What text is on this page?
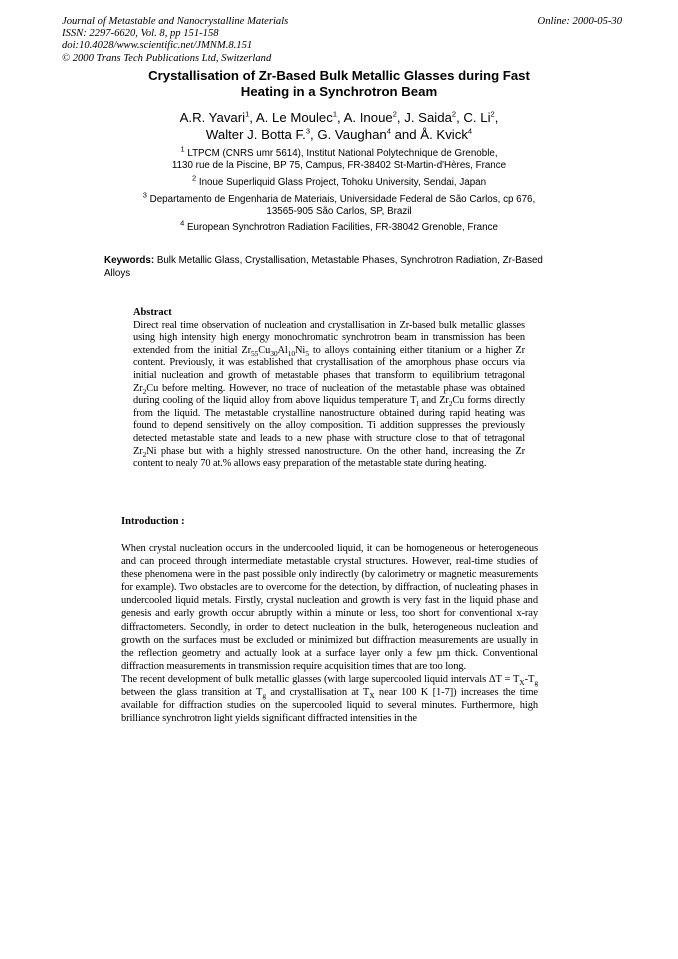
Journal of Metastable and Nanocrystalline Materials
ISSN: 2297-6620, Vol. 8, pp 151-158
doi:10.4028/www.scientific.net/JMNM.8.151
© 2000 Trans Tech Publications Ltd, Switzerland
Online: 2000-05-30
Crystallisation of Zr-Based Bulk Metallic Glasses during Fast
Heating in a Synchrotron Beam
A.R. Yavari$^1$, A. Le Moulec$^1$, A. Inoue$^2$, J. Saida$^2$, C. Li$^2$,
Walter J. Botta F.$^3$, G. Vaughan$^4$ and Å. Kvick$^4$
$^1$ LTPCM (CNRS umr 5614), Institut National Polytechnique de Grenoble,
1130 rue de la Piscine, BP 75, Campus, FR-38402 St-Martin-d'Hères, France
$^2$ Inoue Superliquid Glass Project, Tohoku University, Sendai, Japan
$^3$ Departamento de Engenharia de Materiais, Universidade Federal de São Carlos, cp 676,
13565-905 São Carlos, SP, Brazil
$^4$ European Synchrotron Radiation Facilities, FR-38042 Grenoble, France
Keywords: Bulk Metallic Glass, Crystallisation, Metastable Phases, Synchrotron Radiation, Zr-Based Alloys
Abstract

Direct real time observation of nucleation and crystallisation in Zr-based bulk metallic glasses using high intensity high energy monochromatic synchrotron beam in transmission has been extended from the initial $Zr_{55}Cu_{30}Al_{10}Ni_5$ to alloys containing either titanium or a higher Zr content. Previously, it was established that crystallisation of the amorphous phase occurs via initial nucleation and growth of metastable phases that transform to equilibrium tetragonal $Zr_2Cu$ before melting. However, no trace of nucleation of the metastable phase was obtained during cooling of the liquid alloy from above liquidus temperature $T_l$ and $Zr_2Cu$ forms directly from the liquid. The metastable crystalline nanostructure obtained during rapid heating was found to depend sensitively on the alloy composition. Ti addition suppresses the previously detected metastable state and leads to a new phase with structure close to that of tetragonal $Zr_2Ni$ phase but with a highly stressed nanostructure. On the other hand, increasing the Zr content to nealy 70 at.% allows easy preparation of the metastable state during heating.

Introduction :

When crystal nucleation occurs in the undercooled liquid, it can be homogeneous or heterogeneous and can proceed through intermediate metastable crystal structures. However, real-time studies of these phenomena were in the past possible only indirectly (by calorimetry or magnetic measurements for example). Two obstacles are to overcome for the detection, by diffraction, of nucleating phases in undercooled liquid metals. Firstly, crystal nucleation and growth is very fast in the liquid phase and genesis and early growth occur abruptly within a minute or less, too short for conventional x-ray diffractometers. Secondly, in order to detect nucleation in the bulk, heterogeneous nucleation and growth on the surfaces must be excluded or minimized but diffraction measurements are usually in the reflection geometry and actually look at a surface layer only a few µm thick. Conventional diffraction measurements in transmission require acquisition times that are too long.

The recent development of bulk metallic glasses (with large supercooled liquid intervals $\Delta T = T_X-T_g$ between the glass transition at $T_g$ and crystallisation at $T_X$ near 100 K [1-7]) increases the time available for diffraction studies on the supercooled liquid to several minutes. Furthermore, high brilliance synchrotron light yields significant diffracted intensities in the
